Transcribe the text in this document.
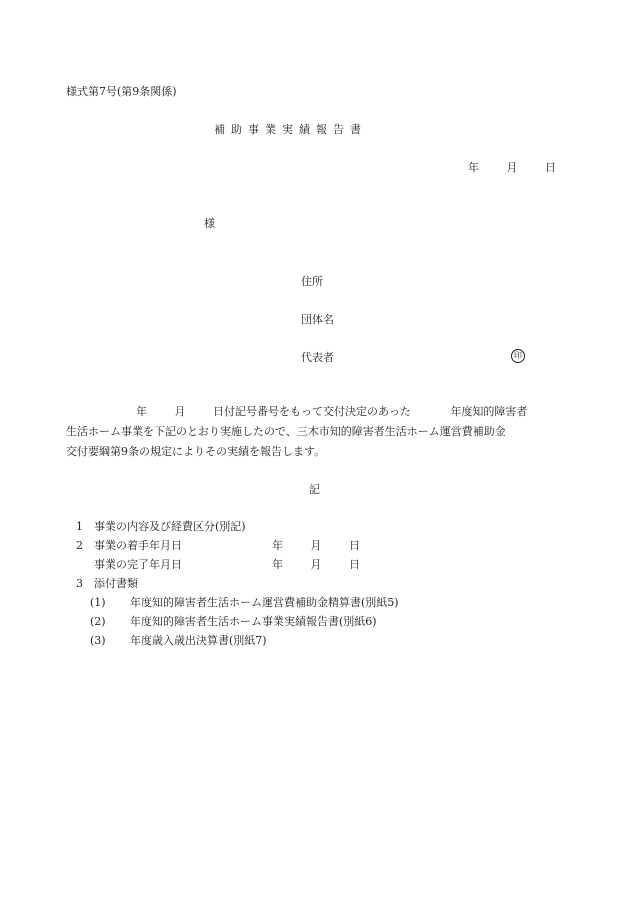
様式第7号(第9条関係)
補助事業実績報告書
年	月	日
様
住所
団体名
代表者	印
年	月	日付記号番号をもって交付決定のあった	年度知的障害者
生活ホーム事業を下記のとおり実施したので、三木市知的障害者生活ホーム運営費補助金
交付要綱第9条の規定によりその実績を報告します。
記
1 事業の内容及び経費区分(別記)
2 事業の着手年月日	年	月	日
事業の完了年月日	年	月	日
3 添付書類
(1) 年度知的障害者生活ホーム運営費補助金精算書(別紙5)
(2) 年度知的障害者生活ホーム事業実績報告書(別紙6)
(3) 年度歳入歳出決算書(別紙7)
